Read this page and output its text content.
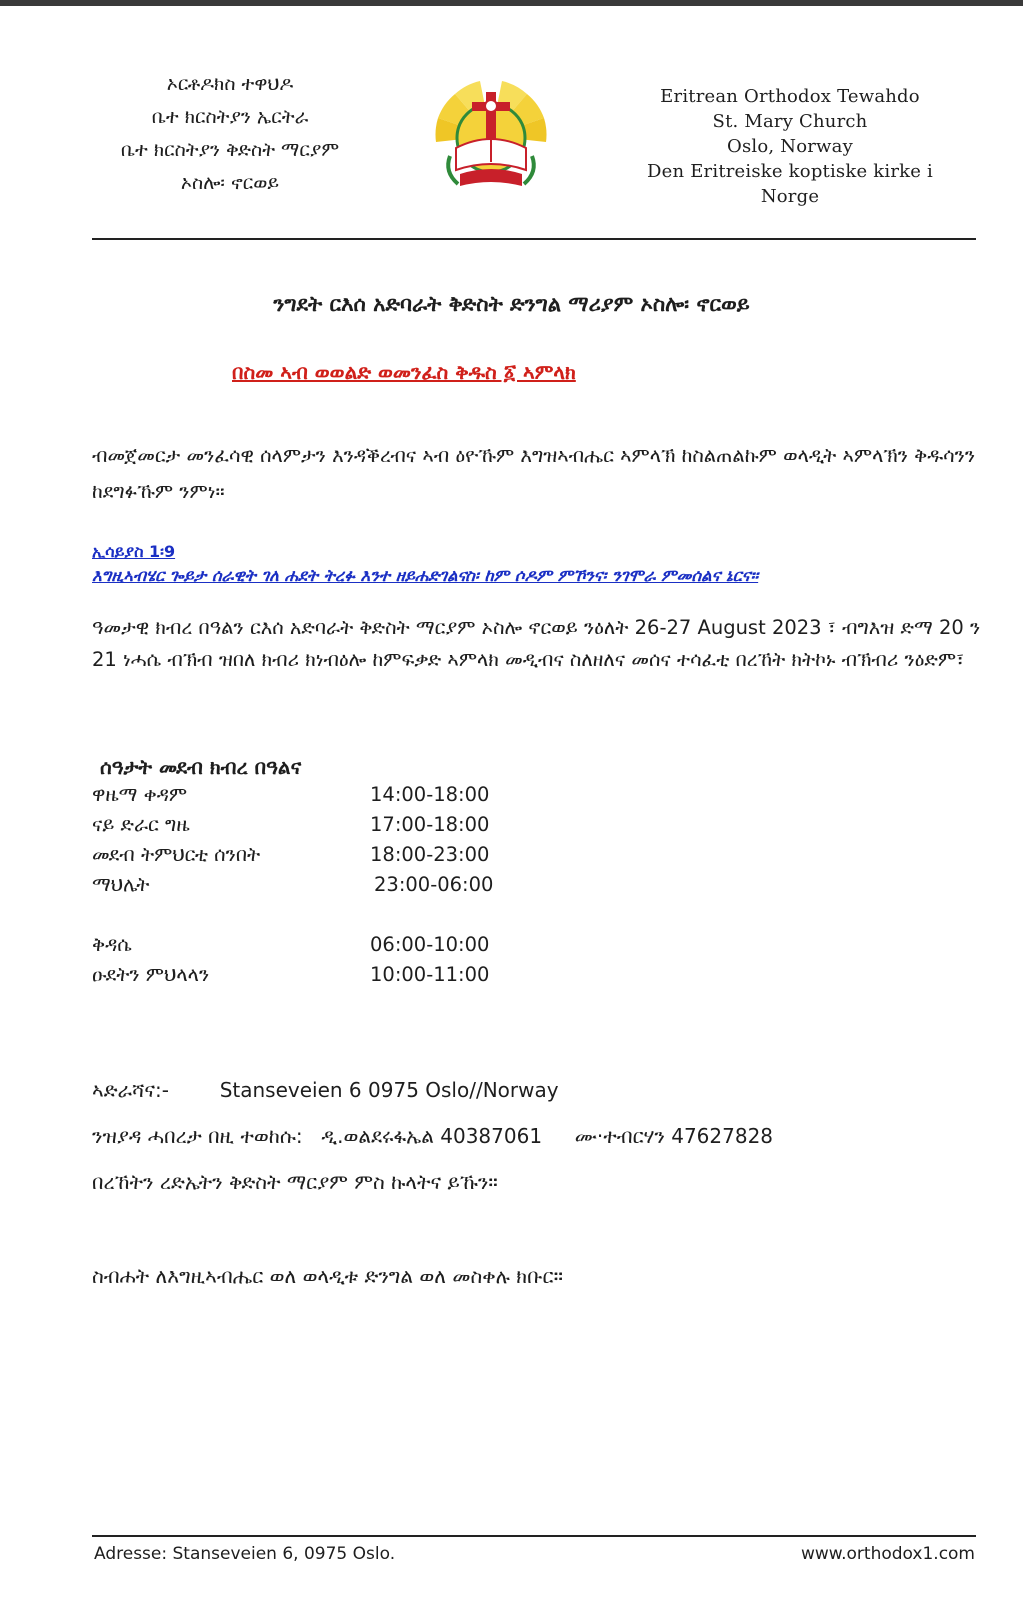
ኦርቶዶክስ ተዋህዶ
ቤተ ክርስትያን ኤርትራ
ቤተ ክርስትያን ቅድስት ማርያም
ኦስሎ፡ ኖርወይ
Eritrean Orthodox Tewahdo
St. Mary Church
Oslo, Norway
Den Eritreiske koptiske kirke i Norge
ንግደት ርእሰ አድባራት ቅድስት ድንግል ማሪያም ኦስሎ፡ ኖርወይ
በስመ ኣብ ወወልድ ወመንፈስ ቅዱስ ፩ ኣምላክ
ብመጀመርታ መንፈሳዊ ሰላምታን እንዳቕረብና ኣብ ዕዮኹም እግዝኣብሔር ኣምላኽ ከስልጠልኩም ወላዲት ኣምላኽን ቅዱሳንን ከደግፉኹም ንምነ።
ኢሳይያስ 1፡9
እግዚኣብሄር ጐይታ ሰራዊት ገለ ሐደት ትረፉ እንተ ዘይሐድገልናስ፡ ከም ሶዶም ምኾንና፡ ንገሞራ ምመሰልና ኔርና።
ዓመታዊ ክብረ በዓልን ርእሰ አድባራት ቅድስት ማርያም ኦስሎ ኖርወይ ንዕለት 26-27 August 2023 ፣ ብግእዝ ድማ 20 ን 21 ነሓሴ ብኽብ ዝበለ ክብሪ ክነብዕሎ ከምፍቃድ ኣምላክ መዲብና ስለዘለና መሰና ተሳፈቲ በረኸት ክትኮኑ ብኽብሪ ንዕድም፣
ሰዓታት መደብ ክብረ በዓልና
ዋዜማ ቀዳም	14:00-18:00
ናይ ድራር ግዜ	17:00-18:00
መደብ ትምህርቲ ሰንበት	18:00-23:00
ማህሌት	23:00-06:00
ቅዳሴ	06:00-10:00
ዑደትን ምህላላን	10:00-11:00
ኣድራሻና:-	Stanseveien 6 0975 Oslo//Norway
ንዝያዳ ሓበረታ በዚ ተወከሱ: ዲ.ወልደሩፋኤል 40387061 ሙ·ተብርሃን 47627828
በረኸትን ረድኤትን ቅድስት ማርያም ምስ ኩላትና ይኹን።
ስብሐት ለእግዚኣብሔር ወለ ወላዲቱ ድንግል ወለ መስቀሉ ክቡር።
Adresse: Stanseveien 6, 0975 Oslo.	www.orthodox1.com
